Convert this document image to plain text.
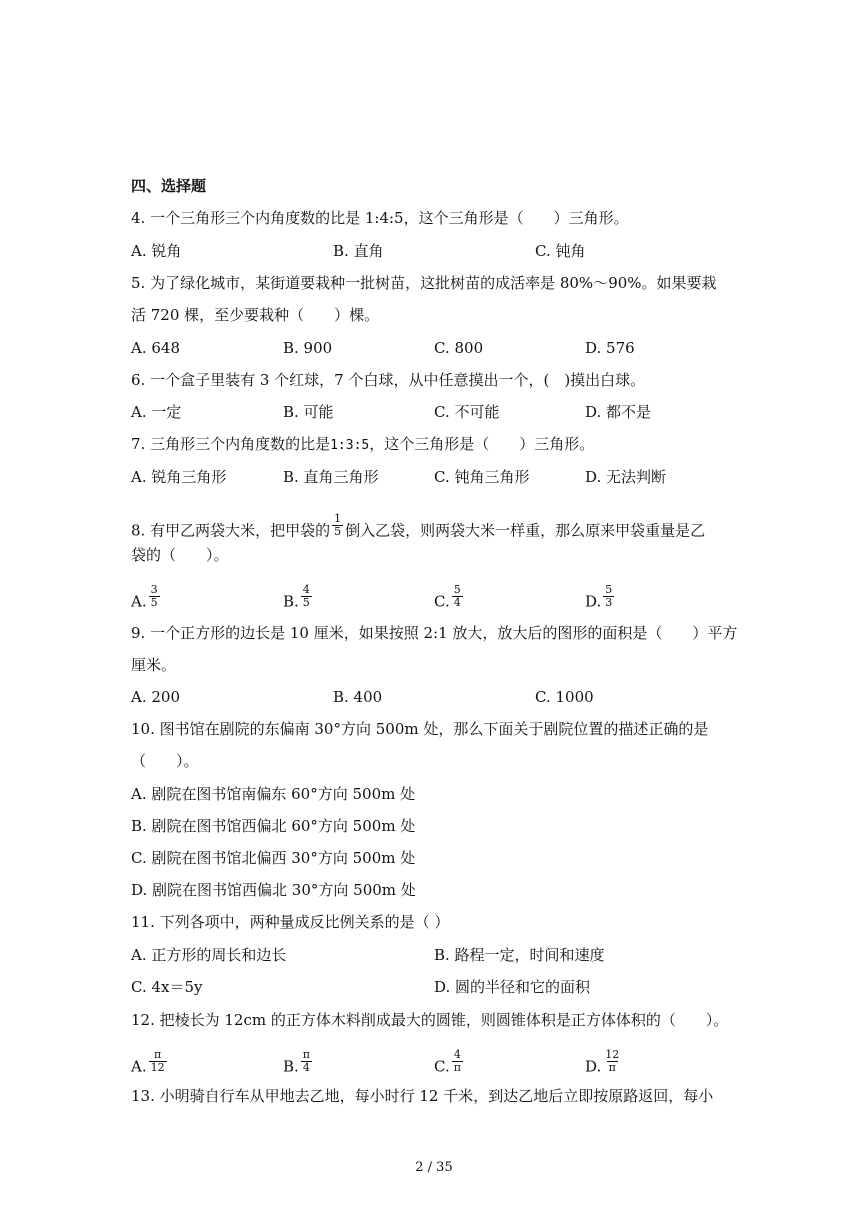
四、选择题
4. 一个三角形三个内角度数的比是 1:4:5，这个三角形是（　　）三角形。
A. 锐角	B. 直角	C. 钝角
5. 为了绿化城市，某街道要栽种一批树苗，这批树苗的成活率是 80%～90%。如果要栽
活 720 棵，至少要栽种（　　）棵。
A. 648	B. 900	C. 800	D. 576
6. 一个盒子里装有 3 个红球，7 个白球，从中任意摸出一个，(　)摸出白球。
A. 一定	B. 可能	C. 不可能	D. 都不是
7. 三角形三个内角度数的比是1:3:5，这个三角形是（　　）三角形。
A. 锐角三角形	B. 直角三角形	C. 钝角三角形	D. 无法判断
8. 有甲乙两袋大米，把甲袋的 $\frac{1}{5}$ 倒入乙袋，则两袋大米一样重，那么原来甲袋重量是乙
袋的（　　）。
A. $\frac{3}{5}$	B. $\frac{4}{5}$	C. $\frac{5}{4}$	D. $\frac{5}{3}$
9. 一个正方形的边长是 10 厘米，如果按照 2:1 放大，放大后的图形的面积是（　　）平方
厘米。
A. 200	B. 400	C. 1000
10. 图书馆在剧院的东偏南 30°方向 500m 处，那么下面关于剧院位置的描述正确的是
（　　）。
A. 剧院在图书馆南偏东 60°方向 500m 处
B. 剧院在图书馆西偏北 60°方向 500m 处
C. 剧院在图书馆北偏西 30°方向 500m 处
D. 剧院在图书馆西偏北 30°方向 500m 处
11. 下列各项中，两种量成反比例关系的是（ ）
A. 正方形的周长和边长	B. 路程一定，时间和速度
C. 4x＝5y	D. 圆的半径和它的面积
12. 把棱长为 12cm 的正方体木料削成最大的圆锥，则圆锥体积是正方体体积的（　　）。
A. $\frac{\pi}{12}$	B. $\frac{\pi}{4}$	C. $\frac{4}{\pi}$	D. $\frac{12}{\pi}$
13. 小明骑自行车从甲地去乙地，每小时行 12 千米，到达乙地后立即按原路返回，每小
2 / 35
